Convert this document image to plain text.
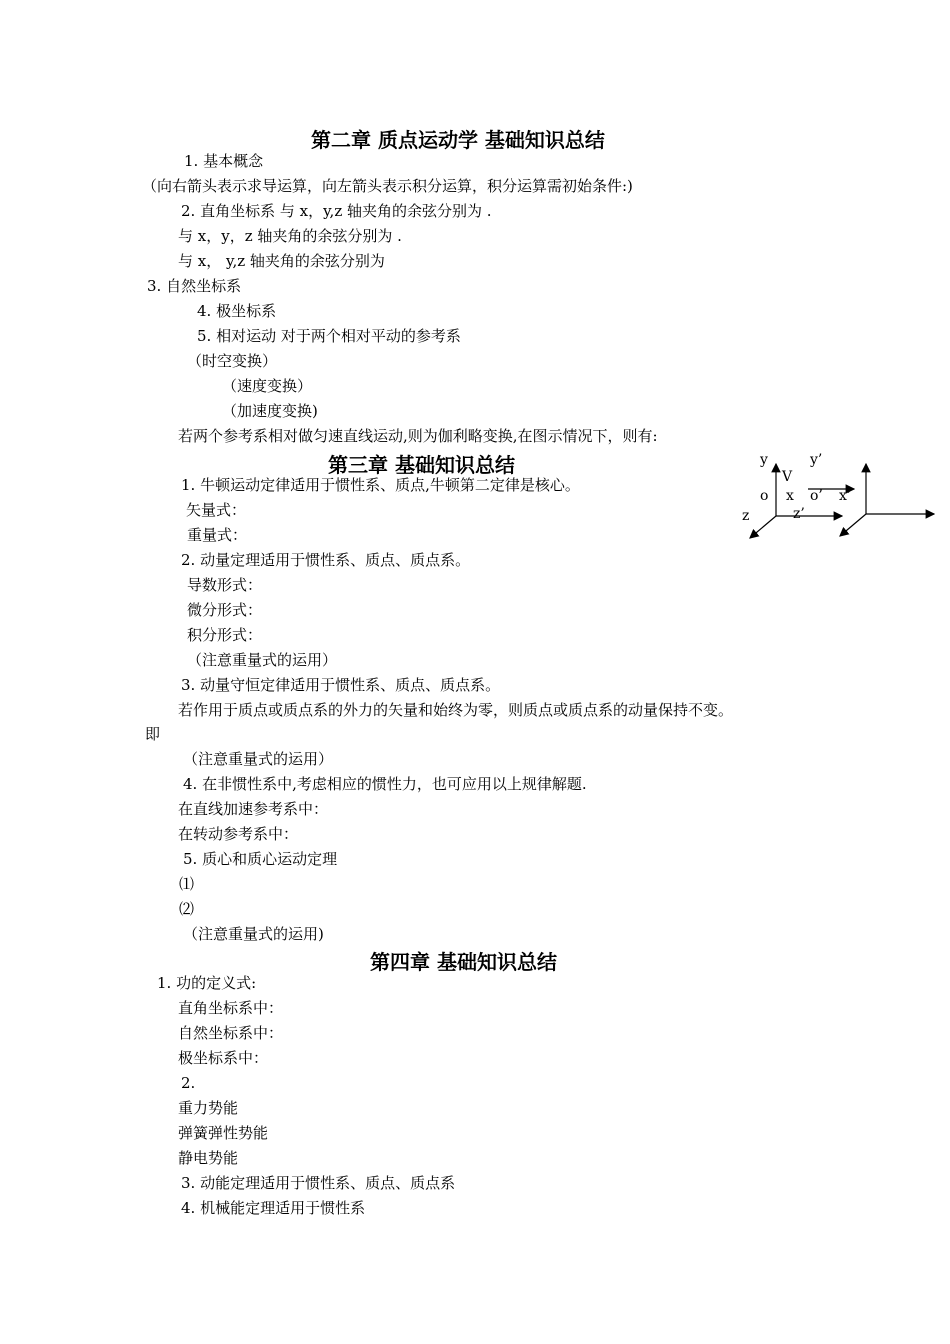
第二章 质点运动学 基础知识总结
1. 基本概念
（向右箭头表示求导运算，向左箭头表示积分运算，积分运算需初始条件:)
2. 直角坐标系 与 x，y,z 轴夹角的余弦分别为 .
与 x，y，z 轴夹角的余弦分别为 .
与 x， y,z 轴夹角的余弦分别为
3. 自然坐标系
4. 极坐标系
5. 相对运动 对于两个相对平动的参考系
（时空变换）
（速度变换）
（加速度变换)
若两个参考系相对做匀速直线运动,则为伽利略变换,在图示情况下，则有:
y	y’
V
o x o’ x’
z	z’
第三章 基础知识总结
1. 牛顿运动定律适用于惯性系、质点,牛顿第二定律是核心。
矢量式：
重量式：
2. 动量定理适用于惯性系、质点、质点系。
导数形式：
微分形式：
积分形式：
（注意重量式的运用）
3. 动量守恒定律适用于惯性系、质点、质点系。
若作用于质点或质点系的外力的矢量和始终为零，则质点或质点系的动量保持不变。
即
（注意重量式的运用）
4. 在非惯性系中,考虑相应的惯性力，也可应用以上规律解题.
在直线加速参考系中：
在转动参考系中：
5. 质心和质心运动定理
⑴
⑵
（注意重量式的运用)
第四章 基础知识总结
1. 功的定义式:
直角坐标系中：
自然坐标系中：
极坐标系中：
2.
重力势能
弹簧弹性势能
静电势能
3. 动能定理适用于惯性系、质点、质点系
4. 机械能定理适用于惯性系
